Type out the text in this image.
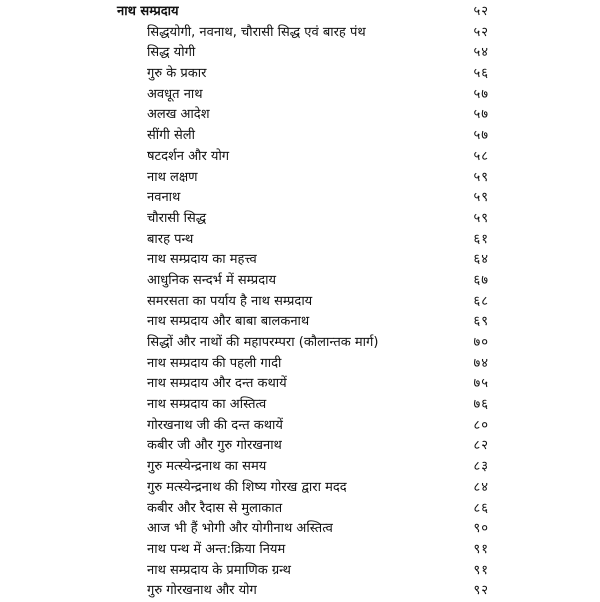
नाथ सम्प्रदाय	५२
सिद्धयोगी, नवनाथ, चौरासी सिद्ध एवं बारह पंथ	५२
सिद्ध योगी	५४
गुरु के प्रकार	५६
अवधूत नाथ	५७
अलख आदेश	५७
सींगी सेली	५७
षटदर्शन और योग	५८
नाथ लक्षण	५९
नवनाथ	५९
चौरासी सिद्ध	५९
बारह पन्थ	६१
नाथ सम्प्रदाय का महत्त्व	६४
आधुनिक सन्दर्भ में सम्प्रदाय	६७
समरसता का पर्याय है नाथ सम्प्रदाय	६८
नाथ सम्प्रदाय और बाबा बालकनाथ	६९
सिद्धों और नाथों की महापरम्परा (कौलान्तक मार्ग)	७०
नाथ सम्प्रदाय की पहली गादी	७४
नाथ सम्प्रदाय और दन्त कथायें	७५
नाथ सम्प्रदाय का अस्तित्व	७६
गोरखनाथ जी की दन्त कथायें	८०
कबीर जी और गुरु गोरखनाथ	८२
गुरु मत्स्येन्द्रनाथ का समय	८३
गुरु मत्स्येन्द्रनाथ की शिष्य गोरख द्वारा मदद	८४
कबीर और रैदास से मुलाकात	८६
आज भी हैं भोगी और योगीनाथ अस्तित्व	९०
नाथ पन्थ में अन्त:क्रिया नियम	९१
नाथ सम्प्रदाय के प्रमाणिक ग्रन्थ	९१
गुरु गोरखनाथ और योग	९२
